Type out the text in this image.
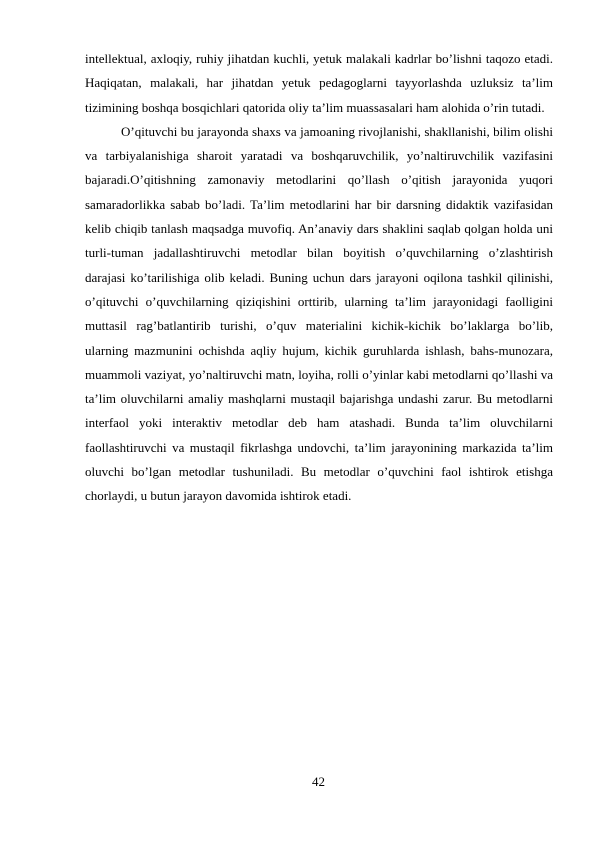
intellektual, axloqiy, ruhiy jihatdan kuchli, yetuk malakali kadrlar bo’lishni taqozo etadi. Haqiqatan, malakali, har jihatdan yetuk pedagoglarni tayyorlashda uzluksiz ta’lim tizimining boshqa bosqichlari qatorida oliy ta’lim muassasalari ham alohida o’rin tutadi.

O’qituvchi bu jarayonda shaxs va jamoaning rivojlanishi, shakllanishi, bilim olishi va tarbiyalanishiga sharoit yaratadi va boshqaruvchilik, yo’naltiruvchilik vazifasini bajaradi.O’qitishning zamonaviy metodlarini qo’llash o’qitish jarayonida yuqori samaradorlikka sabab bo’ladi. Ta’lim metodlarini har bir darsning didaktik vazifasidan kelib chiqib tanlash maqsadga muvofiq. An’anaviy dars shaklini saqlab qolgan holda uni turli-tuman jadallashtiruvchi metodlar bilan boyitish o’quvchilarning o’zlashtirish darajasi ko’tarilishiga olib keladi. Buning uchun dars jarayoni oqilona tashkil qilinishi, o’qituvchi o’quvchilarning qiziqishini orttirib, ularning ta’lim jarayonidagi faolligini muttasil rag’batlantirib turishi, o’quv materialini kichik-kichik bo’laklarga bo’lib, ularning mazmunini ochishda aqliy hujum, kichik guruhlarda ishlash, bahs-munozara, muammoli vaziyat, yo’naltiruvchi matn, loyiha, rolli o’yinlar kabi metodlarni qo’llashi va ta’lim oluvchilarni amaliy mashqlarni mustaqil bajarishga undashi zarur. Bu metodlarni interfaol yoki interaktiv metodlar deb ham atashadi. Bunda ta’lim oluvchilarni faollashtiruvchi va mustaqil fikrlashga undovchi, ta’lim jarayonining markazida ta’lim oluvchi bo’lgan metodlar tushuniladi. Bu metodlar o’quvchini faol ishtirok etishga chorlaydi, u butun jarayon davomida ishtirok etadi.

42
